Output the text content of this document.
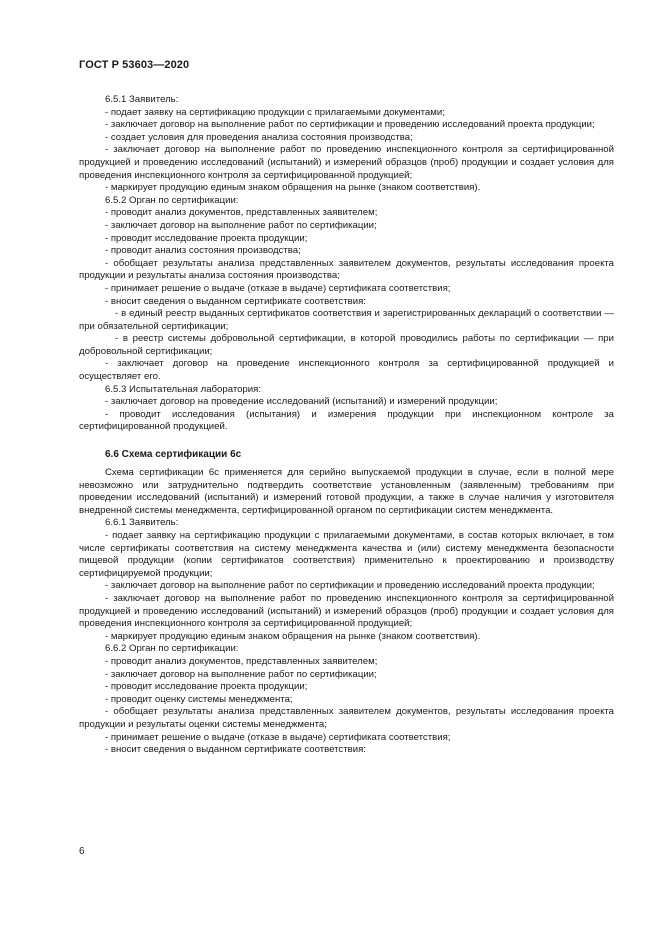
ГОСТ Р 53603—2020

6.5.1 Заявитель:

- подает заявку на сертификацию продукции с прилагаемыми документами;

- заключает договор на выполнение работ по сертификации и проведению исследований проекта продукции;

- создает условия для проведения анализа состояния производства;

- заключает договор на выполнение работ по проведению инспекционного контроля за сертифицированной продукцией и проведению исследований (испытаний) и измерений образцов (проб) продукции и создает условия для проведения инспекционного контроля за сертифицированной продукцией;

- маркирует продукцию единым знаком обращения на рынке (знаком соответствия).

6.5.2 Орган по сертификации:

- проводит анализ документов, представленных заявителем;

- заключает договор на выполнение работ по сертификации;

- проводит исследование проекта продукции;

- проводит анализ состояния производства;

- обобщает результаты анализа представленных заявителем документов, результаты исследования проекта продукции и результаты анализа состояния производства;

- принимает решение о выдаче (отказе в выдаче) сертификата соответствия;

- вносит сведения о выданном сертификате соответствия:

- в единый реестр выданных сертификатов соответствия и зарегистрированных деклараций о соответствии — при обязательной сертификации;

- в реестр системы добровольной сертификации, в которой проводились работы по сертификации — при добровольной сертификации;

- заключает договор на проведение инспекционного контроля за сертифицированной продукцией и осуществляет его.

6.5.3 Испытательная лаборатория:

- заключает договор на проведение исследований (испытаний) и измерений продукции;

- проводит исследования (испытания) и измерения продукции при инспекционном контроле за сертифицированной продукцией.

6.6 Схема сертификации 6с

Схема сертификации 6с применяется для серийно выпускаемой продукции в случае, если в полной мере невозможно или затруднительно подтвердить соответствие установленным (заявленным) требованиям при проведении исследований (испытаний) и измерений готовой продукции, а также в случае наличия у изготовителя внедренной системы менеджмента, сертифицированной органом по сертификации систем менеджмента.

6.6.1 Заявитель:

- подает заявку на сертификацию продукции с прилагаемыми документами, в состав которых включает, в том числе сертификаты соответствия на систему менеджмента качества и (или) систему менеджмента безопасности пищевой продукции (копии сертификатов соответствия) применительно к проектированию и производству сертифицируемой продукции;

- заключает договор на выполнение работ по сертификации и проведению исследований проекта продукции;

- заключает договор на выполнение работ по проведению инспекционного контроля за сертифицированной продукцией и проведению исследований (испытаний) и измерений образцов (проб) продукции и создает условия для проведения инспекционного контроля за сертифицированной продукцией;

- маркирует продукцию единым знаком обращения на рынке (знаком соответствия).

6.6.2 Орган по сертификации:

- проводит анализ документов, представленных заявителем;

- заключает договор на выполнение работ по сертификации;

- проводит исследование проекта продукции;

- проводит оценку системы менеджмента;

- обобщает результаты анализа представленных заявителем документов, результаты исследования проекта продукции и результаты оценки системы менеджмента;

- принимает решение о выдаче (отказе в выдаче) сертификата соответствия;

- вносит сведения о выданном сертификате соответствия:

6
